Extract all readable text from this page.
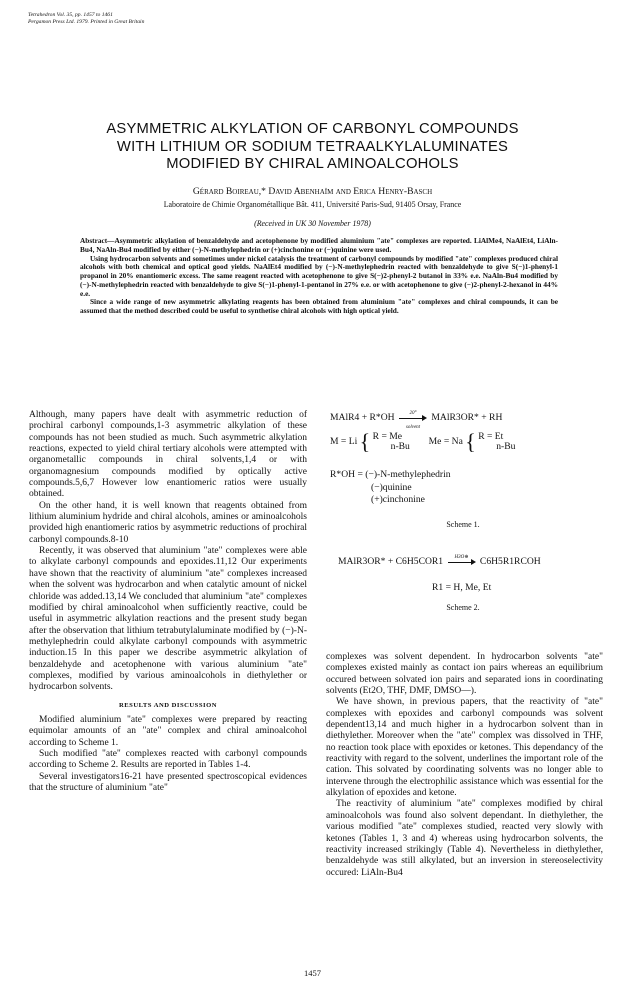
Tetrahedron Vol. 35, pp. 1457 to 1461
Pergamon Press Ltd. 1979. Printed in Great Britain
ASYMMETRIC ALKYLATION OF CARBONYL COMPOUNDS
WITH LITHIUM OR SODIUM TETRAALKYLALUMINATES
MODIFIED BY CHIRAL AMINOALCOHOLS
Gérard Boireau,* David Abenhaïm and Erica Henry-Basch
Laboratoire de Chimie Organométallique Bât. 411, Université Paris-Sud, 91405 Orsay, France
(Received in UK 30 November 1978)

Abstract—Asymmetric alkylation of benzaldehyde and acetophenone by modified aluminium "ate" complexes are reported. LiAlMe4, NaAlEt4, LiAln-Bu4, NaAln-Bu4 modified by either (−)-N-methylephedrin or (+)cinchonine or (−)quinine were used.

Using hydrocarbon solvents and sometimes under nickel catalysis the treatment of carbonyl compounds by modified "ate" complexes produced chiral alcohols with both chemical and optical good yields. NaAlEt4 modified by (−)-N-methylephedrin reacted with benzaldehyde to give S(−)1-phenyl-1 propanol in 20% enantiomeric excess. The same reagent reacted with acetophenone to give S(−)2-phenyl-2 butanol in 33% e.e. NaAln-Bu4 modified by (−)-N-methylephedrin reacted with benzaldehyde to give S(−)1-phenyl-1-pentanol in 27% e.e. or with acetophenone to give (−)2-phenyl-2-hexanol in 44% e.e.

Since a wide range of new asymmetric alkylating reagents has been obtained from aluminium "ate" complexes and chiral compounds, it can be assumed that the method described could be useful to synthetise chiral alcohols with high optical yield.

Although, many papers have dealt with asymmetric reduction of prochiral carbonyl compounds,1-3 asymmetric alkylation of these compounds has not been studied as much. Such asymmetric alkylation reactions, expected to yield chiral tertiary alcohols were attempted with organometallic compounds in chiral solvents,1,4 or with organomagnesium compounds modified by optically active compounds.5,6,7 However low enantiomeric ratios were usually obtained.

On the other hand, it is well known that reagents obtained from lithium aluminium hydride and chiral alcohols, amines or aminoalcohols provided high enantiomeric ratios by asymmetric reductions of prochiral carbonyl compounds.8-10

Recently, it was observed that aluminium "ate" complexes were able to alkylate carbonyl compounds and epoxides.11,12 Our experiments have shown that the reactivity of aluminium "ate" complexes increased when the solvent was hydrocarbon and when catalytic amount of nickel chloride was added.13,14 We concluded that aluminium "ate" complexes modified by chiral aminoalcohol when sufficiently reactive, could be useful in asymmetric alkylation reactions and the present study began after the observation that lithium tetrabutylaluminate modified by (−)-N-methylephedrin could alkylate carbonyl compounds with asymmetric induction.15 In this paper we describe asymmetric alkylation of benzaldehyde and acetophenone with various aluminium "ate" complexes, modified by various aminoalcohols in diethylether or hydrocarbon solvents.

RESULTS AND DISCUSSION

Modified aluminium "ate" complexes were prepared by reacting equimolar amounts of an "ate" complex and chiral aminoalcohol according to Scheme 1.

Such modified "ate" complexes reacted with carbonyl compounds according to Scheme 2. Results are reported in Tables 1-4.

Several investigators16-21 have presented spectroscopical evidences that the structure of aluminium "ate"

MAlR4 + R*OH	20°
solvent
MAlR3OR* + RH
M = Li { R = Me
n-Bu Me = Na { R = Et
n-Bu
R*OH = (−)-N-methylephedrin
(−)quinine
(+)cinchonine
Scheme 1.
MAlR3OR* + C6H5COR1	H3O⊕	C6H5R1RCOH
R1 = H, Me, Et
Scheme 2.

complexes was solvent dependent. In hydrocarbon solvents "ate" complexes existed mainly as contact ion pairs whereas an equilibrium occured between solvated ion pairs and separated ions in coordinating solvents (Et2O, THF, DMF, DMSO—).

We have shown, in previous papers, that the reactivity of "ate" complexes with epoxides and carbonyl compounds was solvent dependent13,14 and much higher in a hydrocarbon solvent than in diethylether. Moreover when the "ate" complex was dissolved in THF, no reaction took place with epoxides or ketones. This dependancy of the reactivity with regard to the solvent, underlines the important role of the cation. This solvated by coordinating solvents was no longer able to intervene through the electrophilic assistance which was essential for the alkylation of epoxides and ketone.

The reactivity of aluminium "ate" complexes modified by chiral aminoalcohols was found also solvent dependant. In diethylether, the various modified "ate" complexes studied, reacted very slowly with ketones (Tables 1, 3 and 4) whereas using hydrocarbon solvents, the reactivity increased strikingly (Table 4). Nevertheless in diethylether, benzaldehyde was still alkylated, but an inversion in stereoselectivity occured: LiAln-Bu4

1457
